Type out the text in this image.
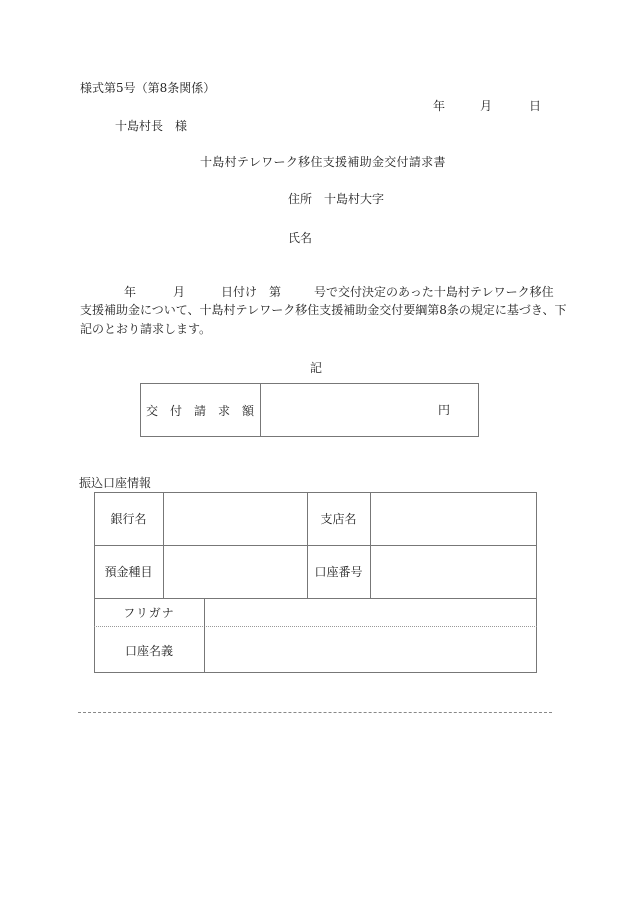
様式第5号（第8条関係）
年	月	日
十島村長　様
十島村テレワーク移住支援補助金交付請求書
住所　十島村大字
氏名
年	月	日付け　第	号で交付決定のあった十島村テレワーク移住
支援補助金について、十島村テレワーク移住支援補助金交付要綱第8条の規定に基づき、下
記のとおり請求します。
記
交　付　請　求　額	円
振込口座情報
銀行名	支店名
預金種目	口座番号
フリガナ
口座名義
